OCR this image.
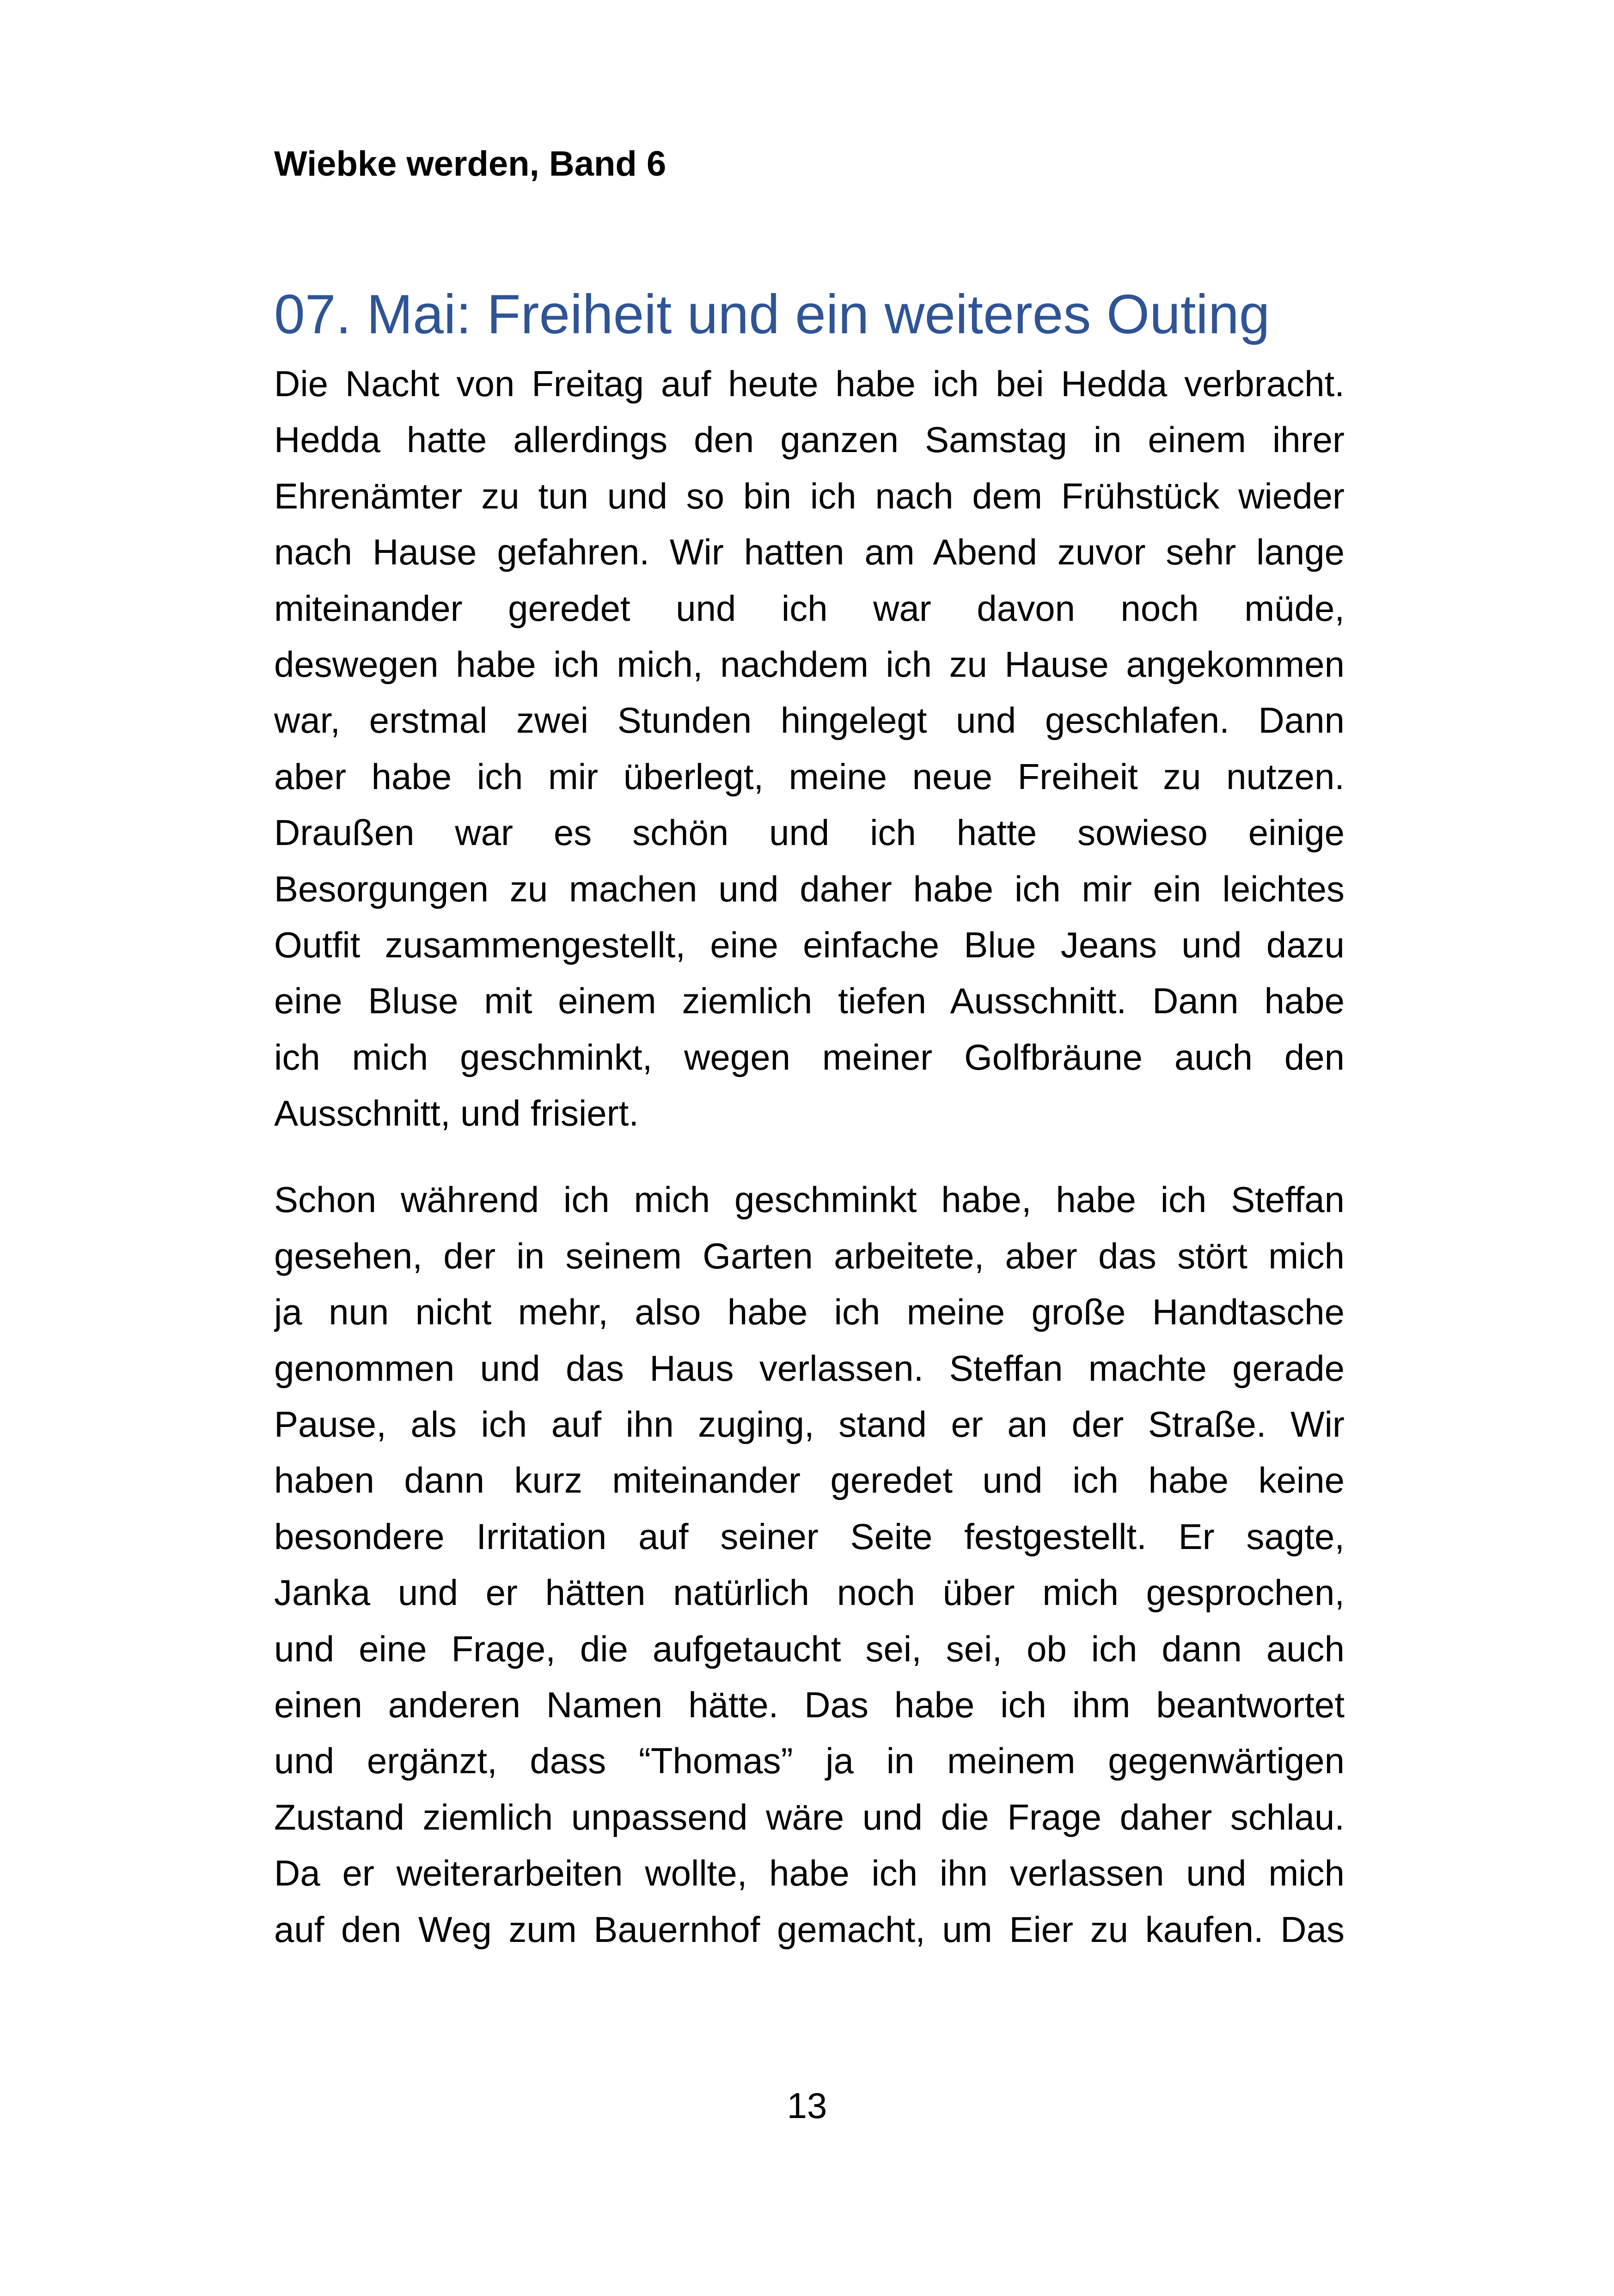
Wiebke werden, Band 6
07. Mai: Freiheit und ein weiteres Outing
Die Nacht von Freitag auf heute habe ich bei Hedda verbracht.
Hedda hatte allerdings den ganzen Samstag in einem ihrer
Ehrenämter zu tun und so bin ich nach dem Frühstück wieder
nach Hause gefahren. Wir hatten am Abend zuvor sehr lange
miteinander geredet und ich war davon noch müde,
deswegen habe ich mich, nachdem ich zu Hause angekommen
war, erstmal zwei Stunden hingelegt und geschlafen. Dann
aber habe ich mir überlegt, meine neue Freiheit zu nutzen.
Draußen war es schön und ich hatte sowieso einige
Besorgungen zu machen und daher habe ich mir ein leichtes
Outfit zusammengestellt, eine einfache Blue Jeans und dazu
eine Bluse mit einem ziemlich tiefen Ausschnitt. Dann habe
ich mich geschminkt, wegen meiner Golfbräune auch den
Ausschnitt, und frisiert.
Schon während ich mich geschminkt habe, habe ich Steffan
gesehen, der in seinem Garten arbeitete, aber das stört mich
ja nun nicht mehr, also habe ich meine große Handtasche
genommen und das Haus verlassen. Steffan machte gerade
Pause, als ich auf ihn zuging, stand er an der Straße. Wir
haben dann kurz miteinander geredet und ich habe keine
besondere Irritation auf seiner Seite festgestellt. Er sagte,
Janka und er hätten natürlich noch über mich gesprochen,
und eine Frage, die aufgetaucht sei, sei, ob ich dann auch
einen anderen Namen hätte. Das habe ich ihm beantwortet
und ergänzt, dass “Thomas” ja in meinem gegenwärtigen
Zustand ziemlich unpassend wäre und die Frage daher schlau.
Da er weiterarbeiten wollte, habe ich ihn verlassen und mich
auf den Weg zum Bauernhof gemacht, um Eier zu kaufen. Das
13
